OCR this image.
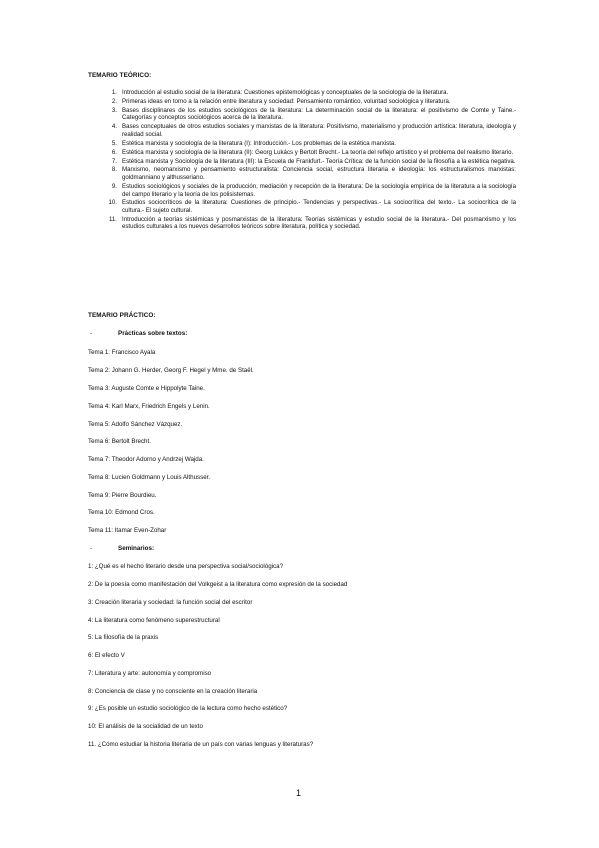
TEMARIO TEÓRICO:
1. Introducción al estudio social de la literatura: Cuestiones epistemológicas y conceptuales de la sociología de la literatura.
2. Primeras ideas en torno a la relación entre literatura y sociedad: Pensamiento romántico, voluntad sociológica y literatura.
3. Bases disciplinares de los estudios sociológicos de la literatura: La determinación social de la literatura: el positivismo de Comte y Taine.- Categorías y conceptos sociológicos acerca de la literatura.
4. Bases conceptuales de otros estudios sociales y marxistas de la literatura: Positivismo, materialismo y producción artística: literatura, ideología y realidad social.
5. Estética marxista y sociología de la literatura (I): Introducción.- Los problemas de la estética marxista.
6. Estética marxista y sociología de la literatura (II): Georg Lukács y Bertolt Brecht.- La teoría del reflejo artístico y el problema del realismo literario.
7. Estética marxista y Sociología de la literatura (III): la Escuela de Frankfurt.- Teoría Crítica: de la función social de la filosofía a la estética negativa.
8. Marxismo, neomarxismo y pensamiento estructuralista: Conciencia social, estructura literaria e ideología: los estructuralismos marxistas: goldmanniano y althusseriano.
9. Estudios sociológicos y sociales de la producción, mediación y recepción de la literatura: De la sociología empírica de la literatura a la sociología del campo literario y la teoría de los polisistemas.
10. Estudios sociocríticos de la literatura: Cuestiones de principio.- Tendencias y perspectivas.- La sociocrítica del texto.- La sociocrítica de la cultura.- El sujeto cultural.
11. Introducción a teorías sistémicas y posmarxistas de la literatura: Teorías sistémicas y estudio social de la literatura.- Del posmarxismo y los estudios culturales a los nuevos desarrollos teóricos sobre literatura, política y sociedad.
TEMARIO PRÁCTICO:
-	Prácticas sobre textos:
Tema 1: Francisco Ayala
Tema 2: Johann G. Herder, Georg F. Hegel y Mme. de Staël.
Tema 3: Auguste Comte e Hippolyte Taine.
Tema 4: Karl Marx, Friedrich Engels y Lenin.
Tema 5: Adolfo Sánchez Vázquez.
Tema 6: Bertolt Brecht.
Tema 7: Theodor Adorno y Andrzej Wajda.
Tema 8: Lucien Goldmann y Louis Althusser.
Tema 9: Pierre Bourdieu.
Tema 10: Edmond Cros.
Tema 11: Itamar Even-Zohar
-	Seminarios:
1: ¿Qué es el hecho literario desde una perspectiva social/sociológica?
2: De la poesía como manifestación del Volkgeist a la literatura como expresión de la sociedad
3: Creación literaria y sociedad: la función social del escritor
4: La literatura como fenómeno superestructural
5: La filosofía de la praxis
6: El efecto V
7: Literatura y arte: autonomía y compromiso
8: Conciencia de clase y no consciente en la creación literaria
9: ¿Es posible un estudio sociológico de la lectura como hecho estético?
10: El análisis de la socialidad de un texto
11. ¿Cómo estudiar la historia literaria de un país con varias lenguas y literaturas?
1
